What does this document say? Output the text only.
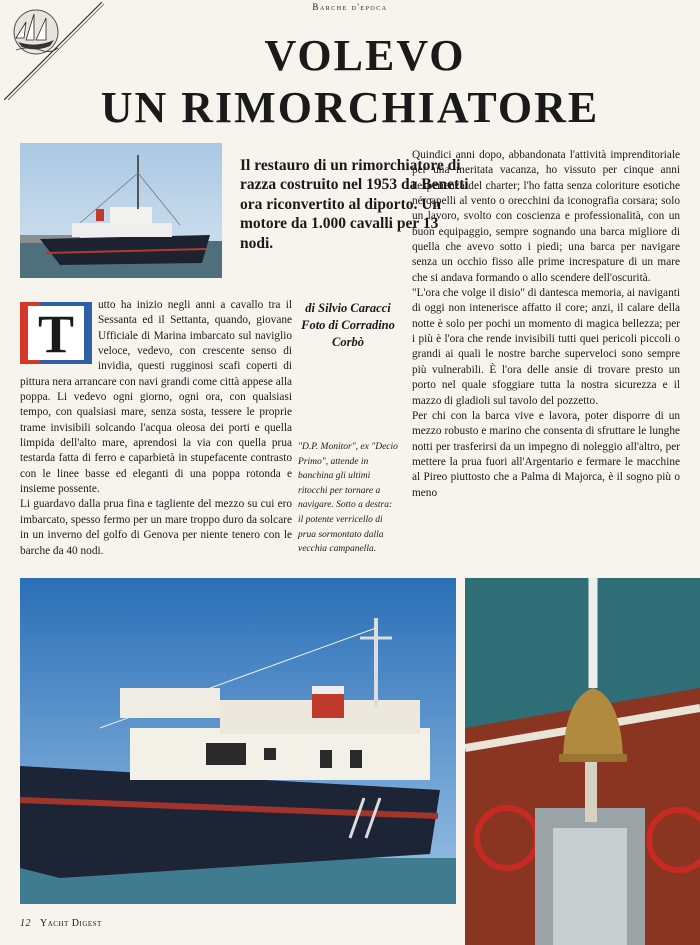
Barche d'epoca
VOLEVO
UN RIMORCHIATORE
Il restauro di un rimorchiatore di razza costruito nel 1953 da Benetti ora riconvertito al diporto. Un motore da 1.000 cavalli per 13 nodi.
T	utto ha inizio negli anni a cavallo tra il Sessanta ed il Settanta, quando, giovane Ufficiale di Marina imbarcato sul naviglio veloce, vedevo, con crescente senso di invidia, questi rugginosi scafi coperti di pittura nera arrancare con navi grandi come città appese alla poppa. Li vedevo ogni giorno, ogni ora, con qualsiasi tempo, con qualsiasi mare, senza sosta, tessere le proprie trame invisibili solcando l'acqua oleosa dei porti e quella limpida dell'alto mare, aprendosi la via con quella prua testarda fatta di ferro e caparbietà in stupefacente contrasto con le linee basse ed eleganti di una poppa rotonda e insieme possente.

Li guardavo dalla prua fina e tagliente del mezzo su cui ero imbarcato, spesso fermo per un mare troppo duro da solcare in un inverno del golfo di Genova per niente tenero con le barche da 40 nodi.

di Silvio Caracci
Foto di Corradino Corbò
"D.P. Monitor", ex "Decio Primo", attende in banchina gli ultimi ritocchi per tornare a navigare. Sotto a destra: il potente verricello di prua sormontato dalla vecchia campanella.

Quindici anni dopo, abbandonata l'attività imprenditoriale per una meritata vacanza, ho vissuto per cinque anni l'esperienza del charter; l'ho fatta senza coloriture esotiche né capelli al vento o orecchini da iconografia corsara; solo un lavoro, svolto con coscienza e professionalità, con un buon equipaggio, sempre sognando una barca migliore di quella che avevo sotto i piedi; una barca per navigare senza un occhio fisso alle prime increspature di un mare che si andava formando o allo scendere dell'oscurità.

"L'ora che volge il disio" di dantesca memoria, ai naviganti di oggi non intenerisce affatto il core; anzi, il calare della notte è solo per pochi un momento di magica bellezza; per i più è l'ora che rende invisibili tutti quei pericoli piccoli o grandi ai quali le nostre barche superveloci sono sempre più vulnerabili. È l'ora delle ansie di trovare presto un porto nel quale sfoggiare tutta la nostra sicurezza e il mazzo di gladioli sul tavolo del pozzetto.

Per chi con la barca vive e lavora, poter disporre di un mezzo robusto e marino che consenta di sfruttare le lunghe notti per trasferirsi da un impegno di noleggio all'altro, per mettere la prua fuori all'Argentario e fermare le macchine al Pireo piuttosto che a Palma di Majorca, è il sogno più o meno

12 Yacht Digest
